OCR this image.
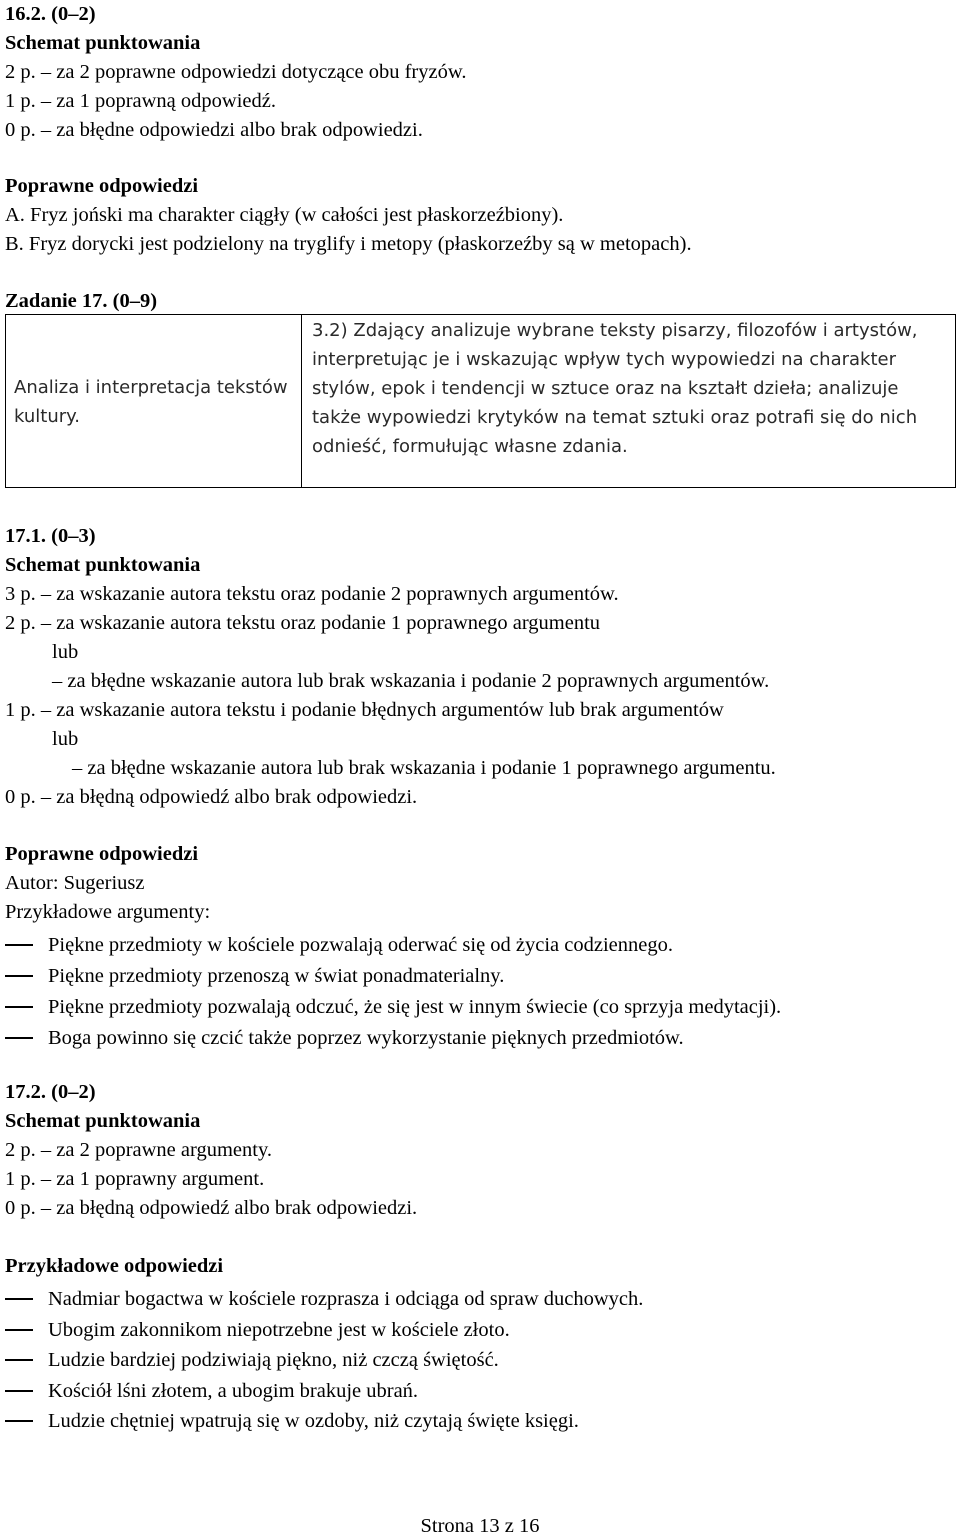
16.2. (0–2)
Schemat punktowania
2 p. – za 2 poprawne odpowiedzi dotyczące obu fryzów.
1 p. – za 1 poprawną odpowiedź.
0 p. – za błędne odpowiedzi albo brak odpowiedzi.
Poprawne odpowiedzi
A. Fryz joński ma charakter ciągły (w całości jest płaskorzeźbiony).
B. Fryz dorycki jest podzielony na tryglify i metopy (płaskorzeźby są w metopach).
Zadanie 17. (0–9)
Analiza i interpretacja tekstów kultury.
3.2) Zdający analizuje wybrane teksty pisarzy, filozofów i artystów, interpretując je i wskazując wpływ tych wypowiedzi na charakter stylów, epok i tendencji w sztuce oraz na kształt dzieła; analizuje także wypowiedzi krytyków na temat sztuki oraz potrafi się do nich odnieść, formułując własne zdania.
17.1. (0–3)
Schemat punktowania
3 p. – za wskazanie autora tekstu oraz podanie 2 poprawnych argumentów.
2 p. – za wskazanie autora tekstu oraz podanie 1 poprawnego argumentu
lub
– za błędne wskazanie autora lub brak wskazania i podanie 2 poprawnych argumentów.
1 p. – za wskazanie autora tekstu i podanie błędnych argumentów lub brak argumentów
lub
– za błędne wskazanie autora lub brak wskazania i podanie 1 poprawnego argumentu.
0 p. – za błędną odpowiedź albo brak odpowiedzi.
Poprawne odpowiedzi
Autor: Sugeriusz
Przykładowe argumenty:
Piękne przedmioty w kościele pozwalają oderwać się od życia codziennego.
Piękne przedmioty przenoszą w świat ponadmaterialny.
Piękne przedmioty pozwalają odczuć, że się jest w innym świecie (co sprzyja medytacji).
Boga powinno się czcić także poprzez wykorzystanie pięknych przedmiotów.
17.2. (0–2)
Schemat punktowania
2 p. – za 2 poprawne argumenty.
1 p. – za 1 poprawny argument.
0 p. – za błędną odpowiedź albo brak odpowiedzi.
Przykładowe odpowiedzi
Nadmiar bogactwa w kościele rozprasza i odciąga od spraw duchowych.
Ubogim zakonnikom niepotrzebne jest w kościele złoto.
Ludzie bardziej podziwiają piękno, niż czczą świętość.
Kościół lśni złotem, a ubogim brakuje ubrań.
Ludzie chętniej wpatrują się w ozdoby, niż czytają święte księgi.
Strona 13 z 16
